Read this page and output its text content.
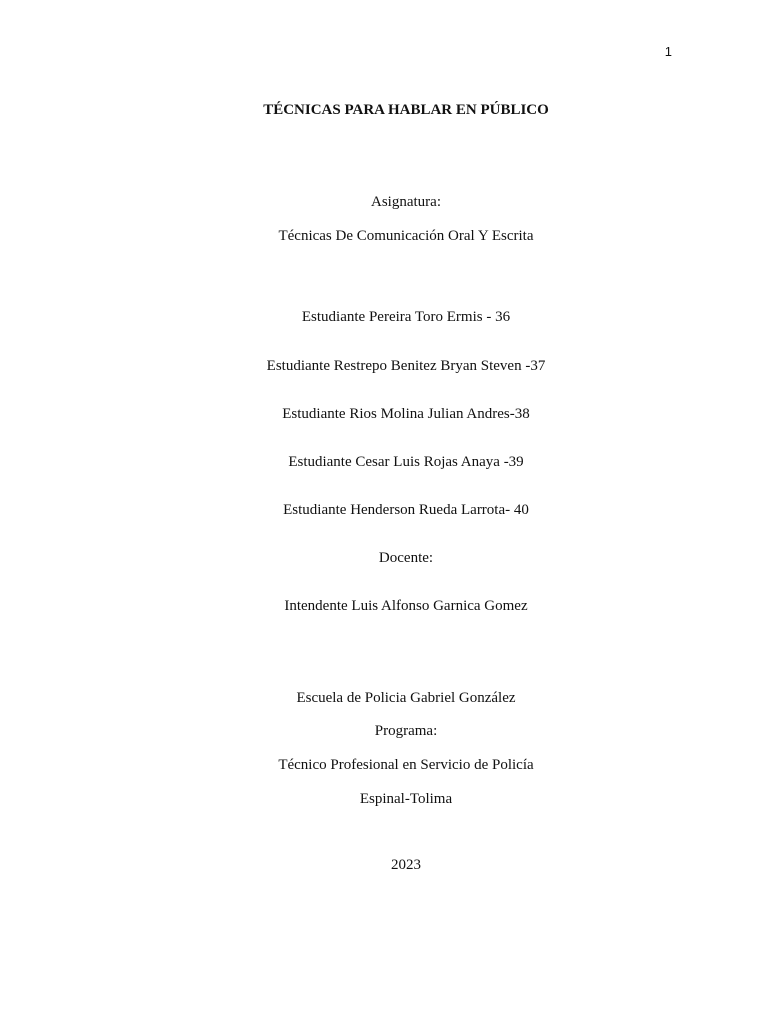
1
TÉCNICAS PARA HABLAR EN PÚBLICO
Asignatura:
Técnicas De Comunicación Oral Y Escrita
Estudiante Pereira Toro Ermis - 36
Estudiante Restrepo Benitez Bryan Steven -37
Estudiante Rios Molina Julian Andres-38
Estudiante Cesar Luis Rojas Anaya -39
Estudiante Henderson Rueda Larrota- 40
Docente:
Intendente Luis Alfonso Garnica Gomez
Escuela de Policia Gabriel González
Programa:
Técnico Profesional en Servicio de Policía
Espinal-Tolima
2023
